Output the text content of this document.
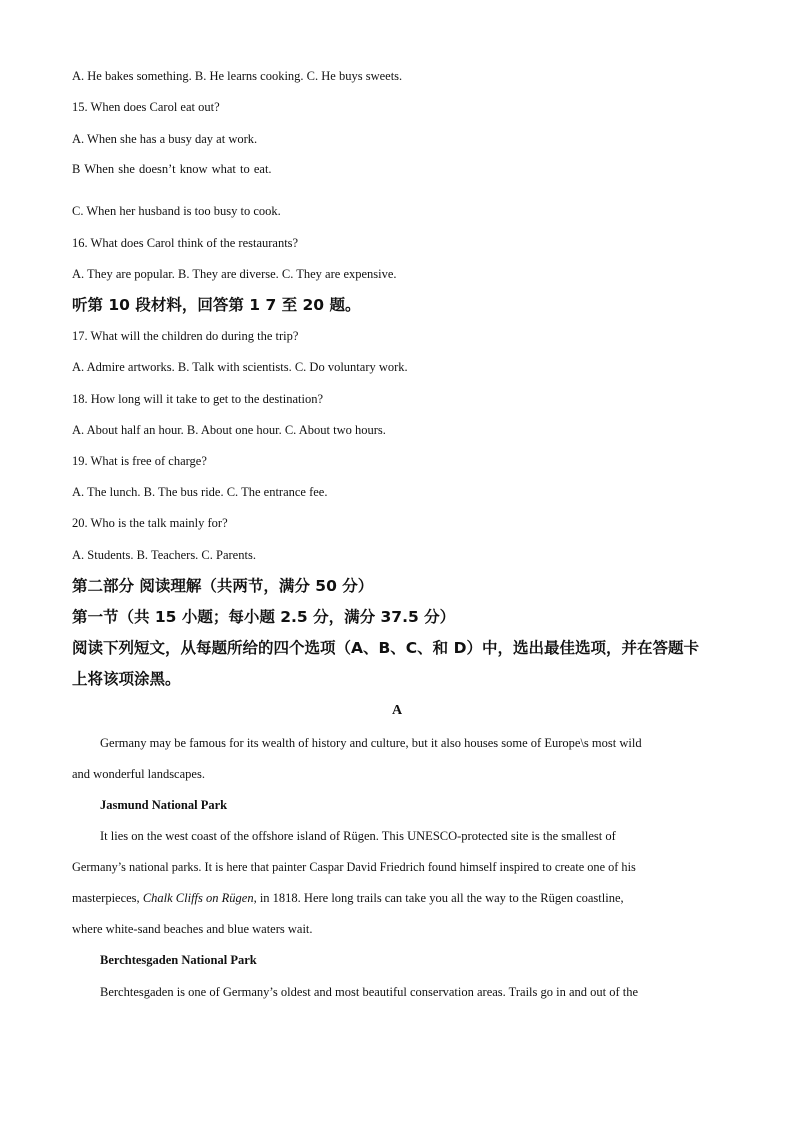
A. He bakes something. B. He learns cooking. C. He buys sweets.
15. When does Carol eat out?
A. When she has a busy day at work.
B When she doesn’t know what to eat.
C. When her husband is too busy to cook.
16. What does Carol think of the restaurants?
A. They are popular. B. They are diverse. C. They are expensive.
听第 10 段材料，回答第 1 7 至 20 题。
17. What will the children do during the trip?
A. Admire artworks. B. Talk with scientists. C. Do voluntary work.
18. How long will it take to get to the destination?
A. About half an hour. B. About one hour. C. About two hours.
19. What is free of charge?
A. The lunch. B. The bus ride. C. The entrance fee.
20. Who is the talk mainly for?
A. Students. B. Teachers. C. Parents.
第二部分 阅读理解（共两节，满分 50 分）
第一节（共 15 小题；每小题 2.5 分，满分 37.5 分）
阅读下列短文，从每题所给的四个选项（A、B、C、和 D）中，选出最佳选项，并在答题卡
上将该项涂黑。
A
Germany may be famous for its wealth of history and culture, but it also houses some of Europe\s most wild
and wonderful landscapes.
Jasmund National Park
It lies on the west coast of the offshore island of Rügen. This UNESCO-protected site is the smallest of
Germany’s national parks. It is here that painter Caspar David Friedrich found himself inspired to create one of his
masterpieces, Chalk Cliffs on Rügen, in 1818. Here long trails can take you all the way to the Rügen coastline,
where white-sand beaches and blue waters wait.
Berchtesgaden National Park
Berchtesgaden is one of Germany’s oldest and most beautiful conservation areas. Trails go in and out of the
